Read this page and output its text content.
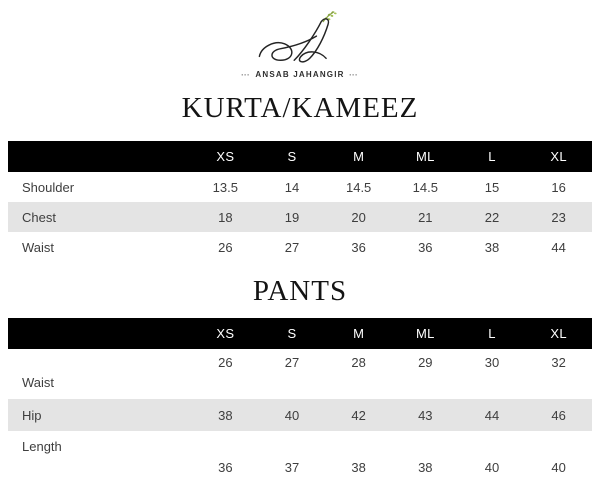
▪▪▪ ANSAB JAHANGIR ▪▪▪
KURTA/KAMEEZ
	XS	S	M	ML	L	XL
Shoulder	13.5	14	14.5	14.5	15	16
Chest	18	19	20	21	22	23
Waist	26	27	36	36	38	44
PANTS
	XS	S	M	ML	L	XL
Waist	26	27	28	29	30	32
Hip	38	40	42	43	44	46
Length	36	37	38	38	40	40
